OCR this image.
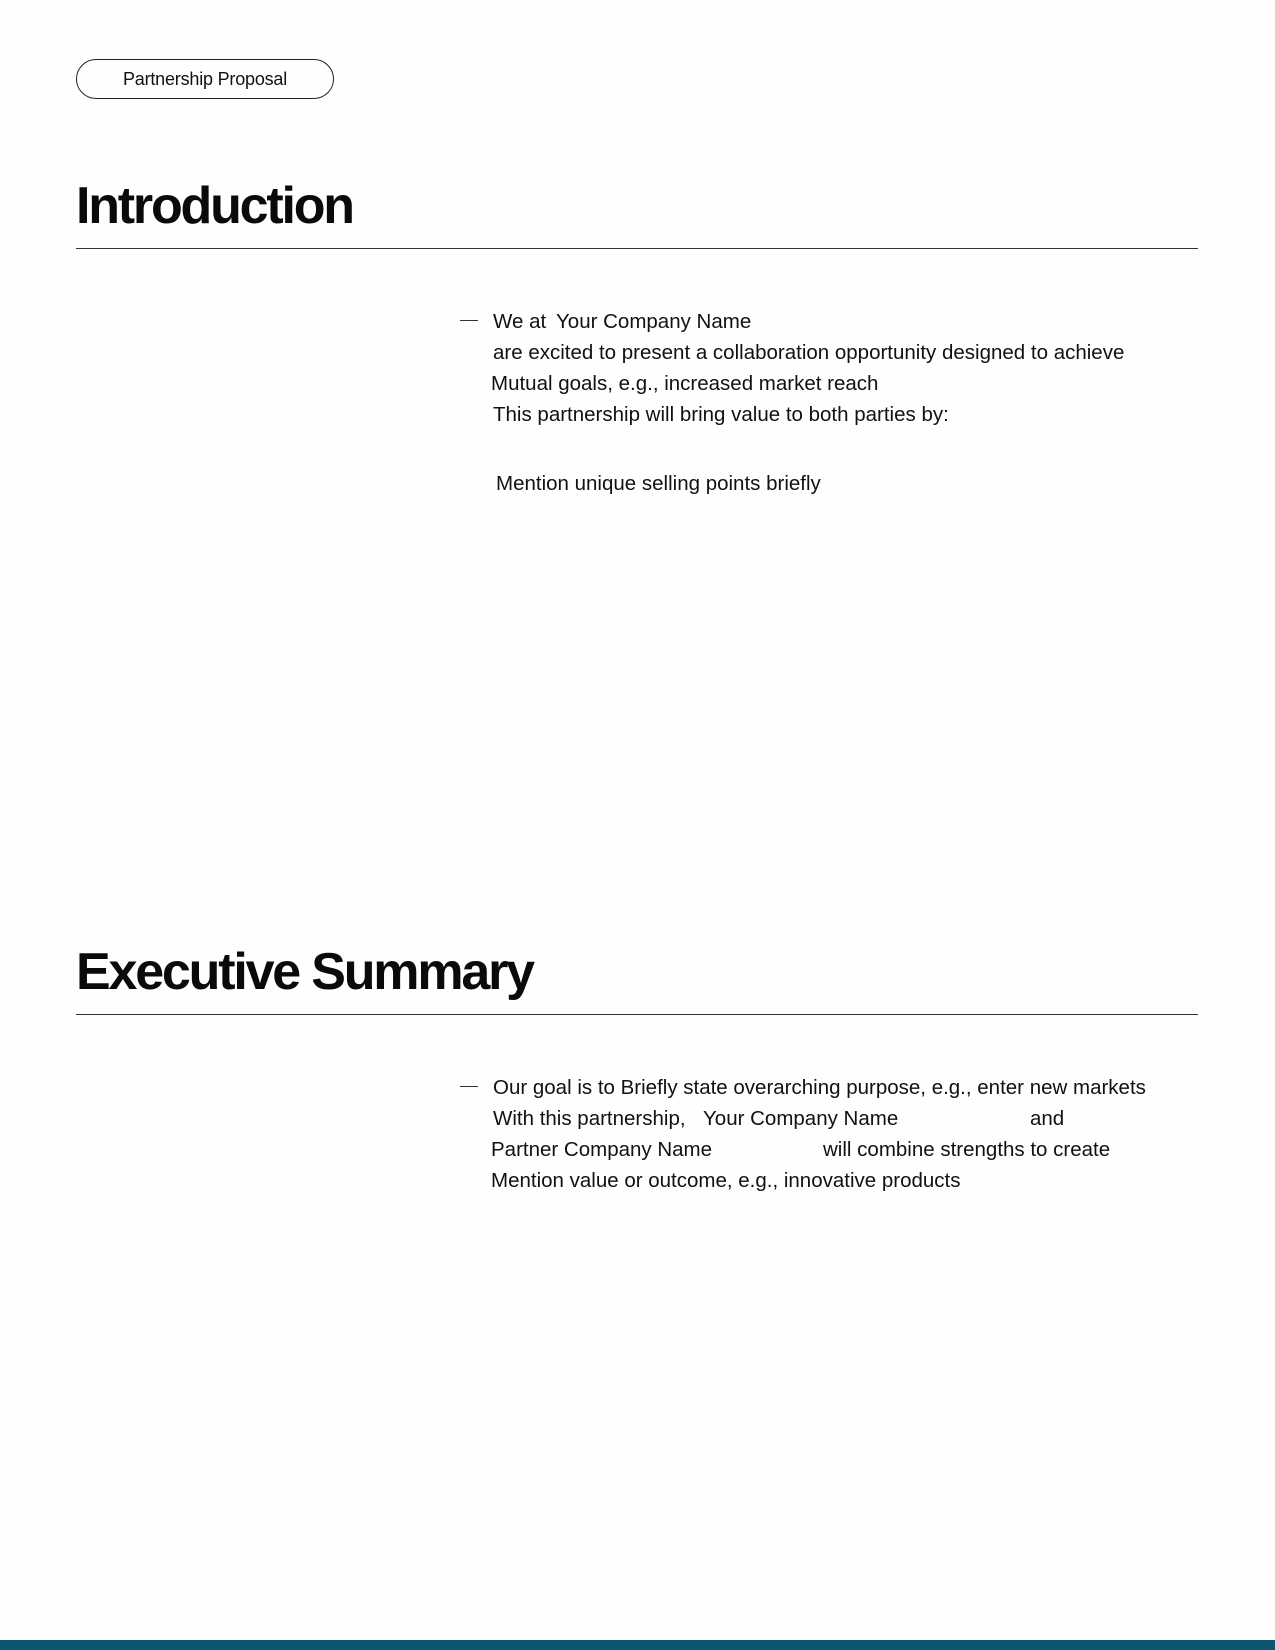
Partnership Proposal
Introduction
We at Your Company Name
are excited to present a collaboration opportunity designed to achieve
Mutual goals, e.g., increased market reach
This partnership will bring value to both parties by:
Mention unique selling points briefly
Executive Summary
Our goal is to Briefly state overarching purpose, e.g., enter new markets
With this partnership, Your Company Name	and
Partner Company Name	will combine strengths to create
Mention value or outcome, e.g., innovative products
